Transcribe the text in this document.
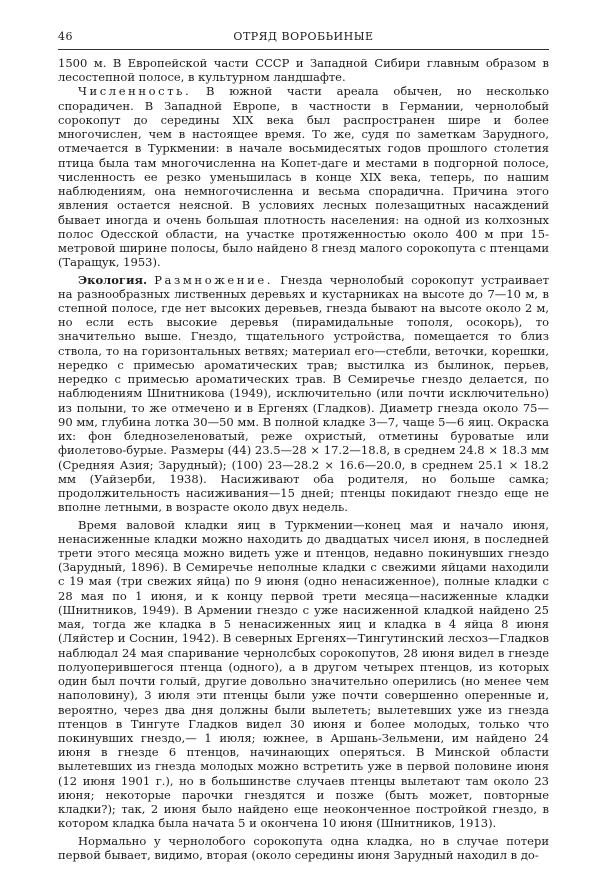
46	ОТРЯД ВОРОБЬИНЫЕ

1500 м. В Европейской части СССР и Западной Сибири главным образом в лесостепной полосе, в культурном ландшафте.

Численность. В южной части ареала обычен, но несколько спорадичен. В Западной Европе, в частности в Германии, чернолобый сорокопут до середины XIX века был распространен шире и более многочислен, чем в настоящее время. То же, судя по заметкам Зарудного, отмечается в Туркмении: в начале восьмидесятых годов прошлого столетия птица была там многочисленна на Копет-даге и местами в подгорной полосе, численность ее резко уменьшилась в конце XIX века, теперь, по нашим наблюдениям, она немногочисленна и весьма спорадична. Причина этого явления остается неясной. В условиях лесных полезащитных насаждений бывает иногда и очень большая плотность населения: на одной из колхозных полос Одесской области, на участке протяженностью около 400 м при 15-метровой ширине полосы, было найдено 8 гнезд малого сорокопута с птенцами (Таращук, 1953).

Экология. Размножение. Гнезда чернолобый сорокопут устраивает на разнообразных лиственных деревьях и кустарниках на высоте до 7—10 м, в степной полосе, где нет высоких деревьев, гнезда бывают на высоте около 2 м, но если есть высокие деревья (пирамидальные тополя, осокорь), то значительно выше. Гнездо, тщательного устройства, помещается то близ ствола, то на горизонтальных ветвях; материал его—стебли, веточки, корешки, нередко с примесью ароматических трав; выстилка из былинок, перьев, нередко с примесью ароматических трав. В Семиречье гнездо делается, по наблюдениям Шнитникова (1949), исключительно (или почти исключительно) из полыни, то же отмечено и в Ергенях (Гладков). Диаметр гнезда около 75—90 мм, глубина лотка 30—50 мм. В полной кладке 3—7, чаще 5—6 яиц. Окраска их: фон бледнозеленоватый, реже охристый, отметины буроватые или фиолетово-бурые. Размеры (44) 23.5—28 × 17.2—18.8, в среднем 24.8 × 18.3 мм (Средняя Азия; Зарудный); (100) 23—28.2 × 16.6—20.0, в среднем 25.1 × 18.2 мм (Уайзерби, 1938). Насиживают оба родителя, но больше самка; продолжительность насиживания—15 дней; птенцы покидают гнездо еще не вполне летными, в возрасте около двух недель.

Время валовой кладки яиц в Туркмении—конец мая и начало июня, ненасиженные кладки можно находить до двадцатых чисел июня, в последней трети этого месяца можно видеть уже и птенцов, недавно покинувших гнездо (Зарудный, 1896). В Семиречье неполные кладки с свежими яйцами находили с 19 мая (три свежих яйца) по 9 июня (одно ненасиженное), полные кладки с 28 мая по 1 июня, и к концу первой трети месяца—насиженные кладки (Шнитников, 1949). В Армении гнездо с уже насиженной кладкой найдено 25 мая, тогда же кладка в 5 ненасиженных яиц и кладка в 4 яйца 8 июня (Ляйстер и Соснин, 1942). В северных Ергенях—Тингутинский лесхоз—Гладков наблюдал 24 мая спаривание чернолсбых сорокопутов, 28 июня видел в гнезде полуоперившегося птенца (одного), а в другом четырех птенцов, из которых один был почти голый, другие довольно значительно оперились (но менее чем наполовину), 3 июля эти птенцы были уже почти совершенно оперенные и, вероятно, через два дня должны были вылететь; вылетевших уже из гнезда птенцов в Тингуте Гладков видел 30 июня и более молодых, только что покинувших гнездо,— 1 июля; южнее, в Аршань-Зельмени, им найдено 24 июня в гнезде 6 птенцов, начинающих оперяться. В Минской области вылетевших из гнезда молодых можно встретить уже в первой половине июня (12 июня 1901 г.), но в большинстве случаев птенцы вылетают там около 23 июня; некоторые парочки гнездятся и позже (быть может, повторные кладки?); так, 2 июня было найдено еще неоконченное постройкой гнездо, в котором кладка была начата 5 и окончена 10 июня (Шнитников, 1913).

Нормально у чернолобого сорокопута одна кладка, но в случае потери первой бывает, видимо, вторая (около середины июня Зарудный находил в до-
